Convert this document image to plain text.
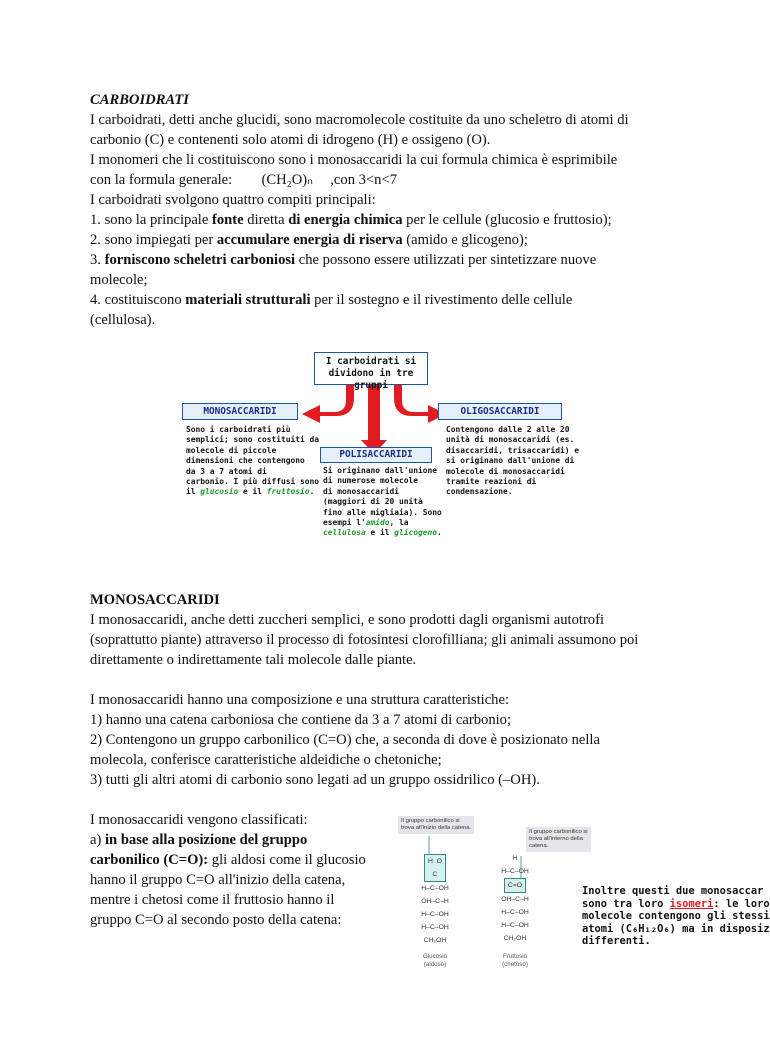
CARBOIDRATI
I carboidrati, detti anche glucidi, sono macromolecole costituite da uno scheletro di atomi di
carbonio (C) e contenenti solo atomi di idrogeno (H) e ossigeno (O).
I monomeri che li costituiscono sono i monosaccaridi la cui formula chimica è esprimibile
con la formula generale: (CH₂O)ₙ ,con 3<n<7
I carboidrati svolgono quattro compiti principali:
1. sono la principale fonte diretta di energia chimica per le cellule (glucosio e fruttosio);
2. sono impiegati per accumulare energia di riserva (amido e glicogeno);
3. forniscono scheletri carboniosi che possono essere utilizzati per sintetizzare nuove
molecole;
4. costituiscono materiali strutturali per il sostegno e il rivestimento delle cellule
(cellulosa).
I carboidrati si
dividono in tre gruppi
MONOSACCARIDI	OLIGOSACCARIDI
POLISACCARIDI
Sono i carboidrati più
semplici; sono costituiti da
molecole di piccole
dimensioni che contengono
da 3 a 7 atomi di
carbonio. I più diffusi sono
il glucosio e il fruttosio.
Si originano dall'unione
di numerose molecole
di monosaccaridi
(maggiori di 20 unità
fino alle migliaia). Sono
esempi l'amido, la
cellulosa e il glicogeno.
Contengono dalle 2 alle 20
unità di monosaccaridi (es.
disaccaridi, trisaccaridi) e
si originano dall'unione di
molecole di monosaccaridi
tramite reazioni di
condensazione.
MONOSACCARIDI
I monosaccaridi, anche detti zuccheri semplici, e sono prodotti dagli organismi autotrofi
(soprattutto piante) attraverso il processo di fotosintesi clorofilliana; gli animali assumono poi
direttamente o indirettamente tali molecole dalle piante.
I monosaccaridi hanno una composizione e una struttura caratteristiche:
1) hanno una catena carboniosa che contiene da 3 a 7 atomi di carbonio;
2) Contengono un gruppo carbonilico (C=O) che, a seconda di dove è posizionato nella
molecola, conferisce caratteristiche aldeidiche o chetoniche;
3) tutti gli altri atomi di carbonio sono legati ad un gruppo ossidrilico (–OH).
I monosaccaridi vengono classificati:
a) in base alla posizione del gruppo
carbonilico (C=O): gli aldosi come il glucosio
hanno il gruppo C=O all'inizio della catena,
mentre i chetosi come il fruttosio hanno il
gruppo C=O al secondo posto della catena:
Il gruppo carbonilico si
trova all'inizio della catena.
Il gruppo carbonilico si
trova all'interno della
catena.
H  O
C
H–C–OH
OH–C–H
H–C–OH
H–C–OH
CH₂OH
H
H–C–OH
C=O
OH–C–H
H–C–OH
H–C–OH
CH₂OH
Glucosio
(aldoso)
Fruttosio
(chetoso)
Inoltre questi due monosaccar
sono tra loro isomeri: le loro
molecole contengono gli stessi
atomi (C₆H₁₂O₆) ma in disposiz
differenti.
